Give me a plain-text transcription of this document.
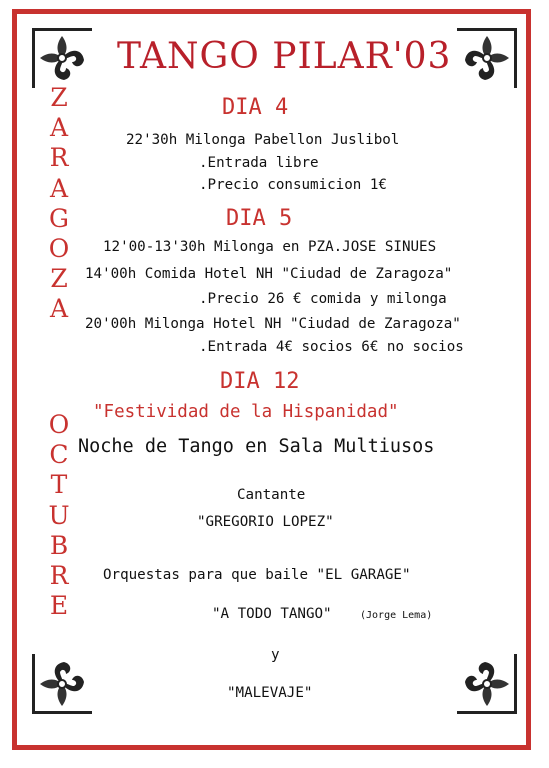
TANGO PILAR'03
Z
A
R
A
G
O
Z
A
O
C
T
U
B
R
E
DIA 4
22'30h Milonga Pabellon Juslibol
.Entrada libre
.Precio consumicion 1€
DIA 5
12'00-13'30h Milonga en PZA.JOSE SINUES
14'00h Comida Hotel NH "Ciudad de Zaragoza"
.Precio 26 € comida y milonga
20'00h Milonga Hotel NH "Ciudad de Zaragoza"
.Entrada 4€ socios 6€ no socios
DIA 12
"Festividad de la Hispanidad"
Noche de Tango en Sala Multiusos
Cantante
"GREGORIO LOPEZ"
Orquestas para que baile "EL GARAGE"
"A TODO TANGO"	(Jorge Lema)
y
"MALEVAJE"
